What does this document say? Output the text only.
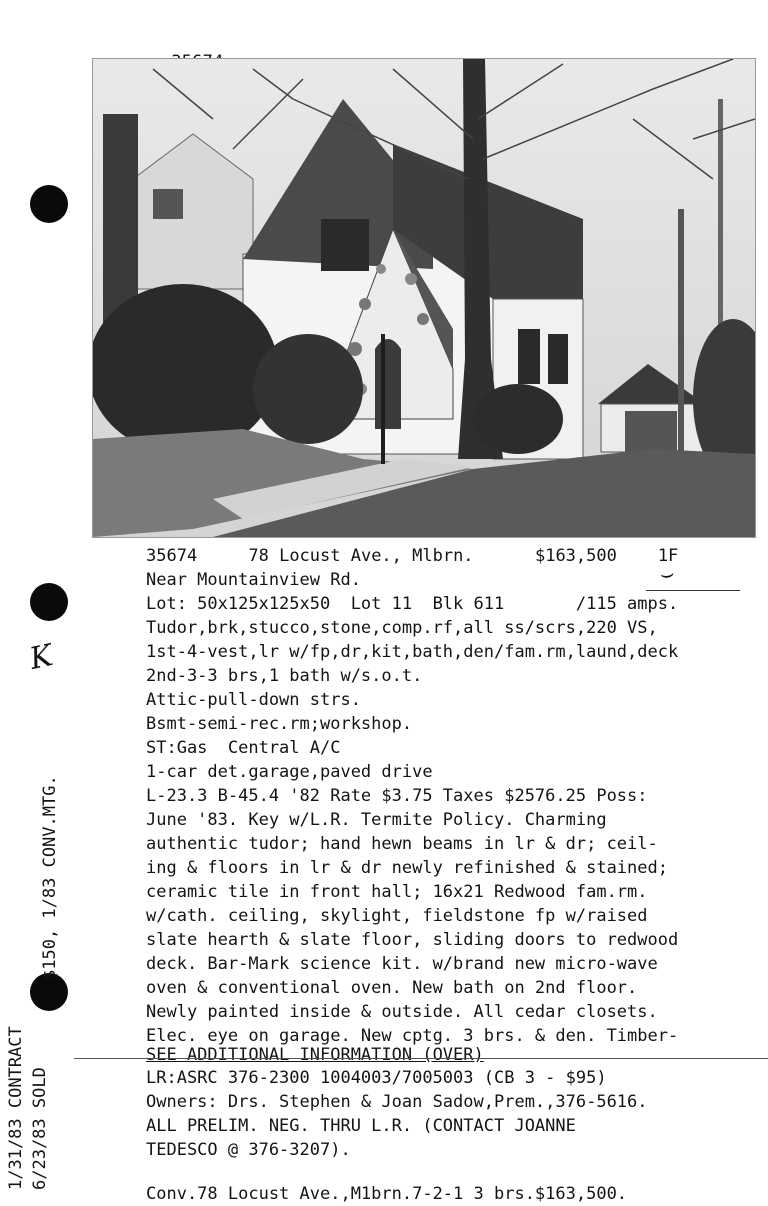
K
⌣
35674	78 Locust Ave., Mlbrn.	$163,500 1F
Near Mountainview Rd.
Lot: 50x125x125x50  Lot 11  Blk 611       /115 amps.
Tudor,brk,stucco,stone,comp.rf,all ss/scrs,220 VS,
1st-4-vest,lr w/fp,dr,kit,bath,den/fam.rm,laund,deck
2nd-3-3 brs,1 bath w/s.o.t.
Attic-pull-down strs.
Bsmt-semi-rec.rm;workshop.
ST:Gas  Central A/C
1-car det.garage,paved drive
L-23.3 B-45.4 '82 Rate $3.75 Taxes $2576.25 Poss:
June '83. Key w/L.R. Termite Policy. Charming
authentic tudor; hand hewn beams in lr & dr; ceil-
ing & floors in lr & dr newly refinished & stained;
ceramic tile in front hall; 16x21 Redwood fam.rm.
w/cath. ceiling, skylight, fieldstone fp w/raised
slate hearth & slate floor, sliding doors to redwood
deck. Bar-Mark science kit. w/brand new micro-wave
oven & conventional oven. New bath on 2nd floor.
Newly painted inside & outside. All cedar closets.
Elec. eye on garage. New cptg. 3 brs. & den. Timber-
SEE ADDITIONAL INFORMATION (OVER)
LR:ASRC 376-2300 1004003/7005003 (CB 3 - $95)
Owners: Drs. Stephen & Joan Sadow,Prem.,376-5616.
ALL PRELIM. NEG. THRU L.R. (CONTACT JOANNE
TEDESCO @ 376-3207).
Conv.78 Locust Ave.,M1brn.7-2-1 3 brs.$163,500.
1/31/83 CONTRACT 6/23/83 SOLD
$150, 1/83 CONV.MTG.
